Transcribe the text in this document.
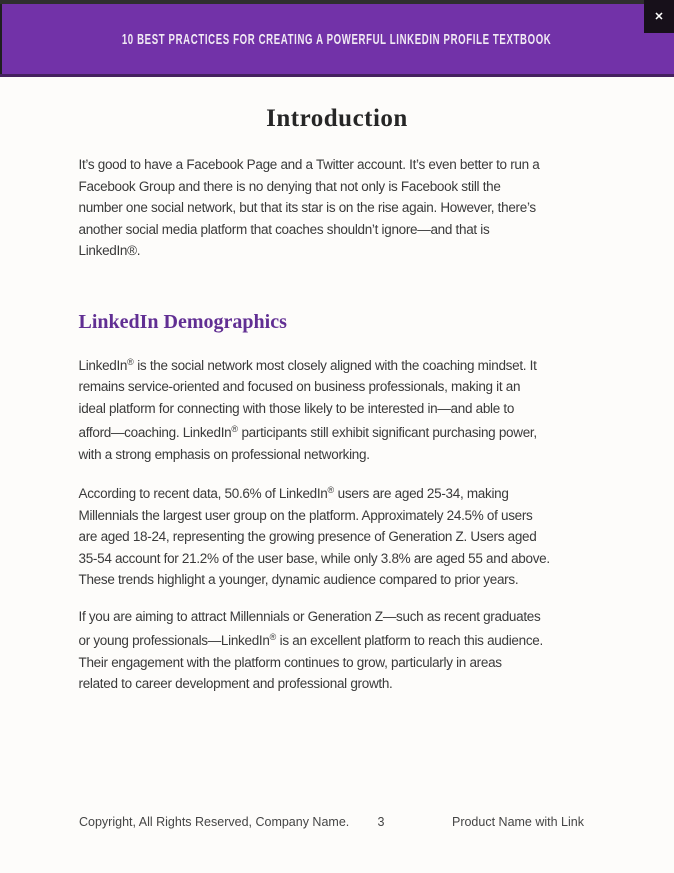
10 BEST PRACTICES FOR CREATING A POWERFUL LINKEDIN PROFILE TEXTBOOK
✕
Introduction

It’s good to have a Facebook Page and a Twitter account. It’s even better to run a
Facebook Group and there is no denying that not only is Facebook still the
number one social network, but that its star is on the rise again. However, there’s
another social media platform that coaches shouldn’t ignore—and that is
LinkedIn®.

LinkedIn Demographics

LinkedIn® is the social network most closely aligned with the coaching mindset. It
remains service-oriented and focused on business professionals, making it an
ideal platform for connecting with those likely to be interested in—and able to
afford—coaching. LinkedIn® participants still exhibit significant purchasing power,
with a strong emphasis on professional networking.

According to recent data, 50.6% of LinkedIn® users are aged 25-34, making
Millennials the largest user group on the platform. Approximately 24.5% of users
are aged 18-24, representing the growing presence of Generation Z. Users aged
35-54 account for 21.2% of the user base, while only 3.8% are aged 55 and above.
These trends highlight a younger, dynamic audience compared to prior years.

If you are aiming to attract Millennials or Generation Z—such as recent graduates
or young professionals—LinkedIn® is an excellent platform to reach this audience.
Their engagement with the platform continues to grow, particularly in areas
related to career development and professional growth.

Copyright, All Rights Reserved, Company Name. 3	Product Name with Link
